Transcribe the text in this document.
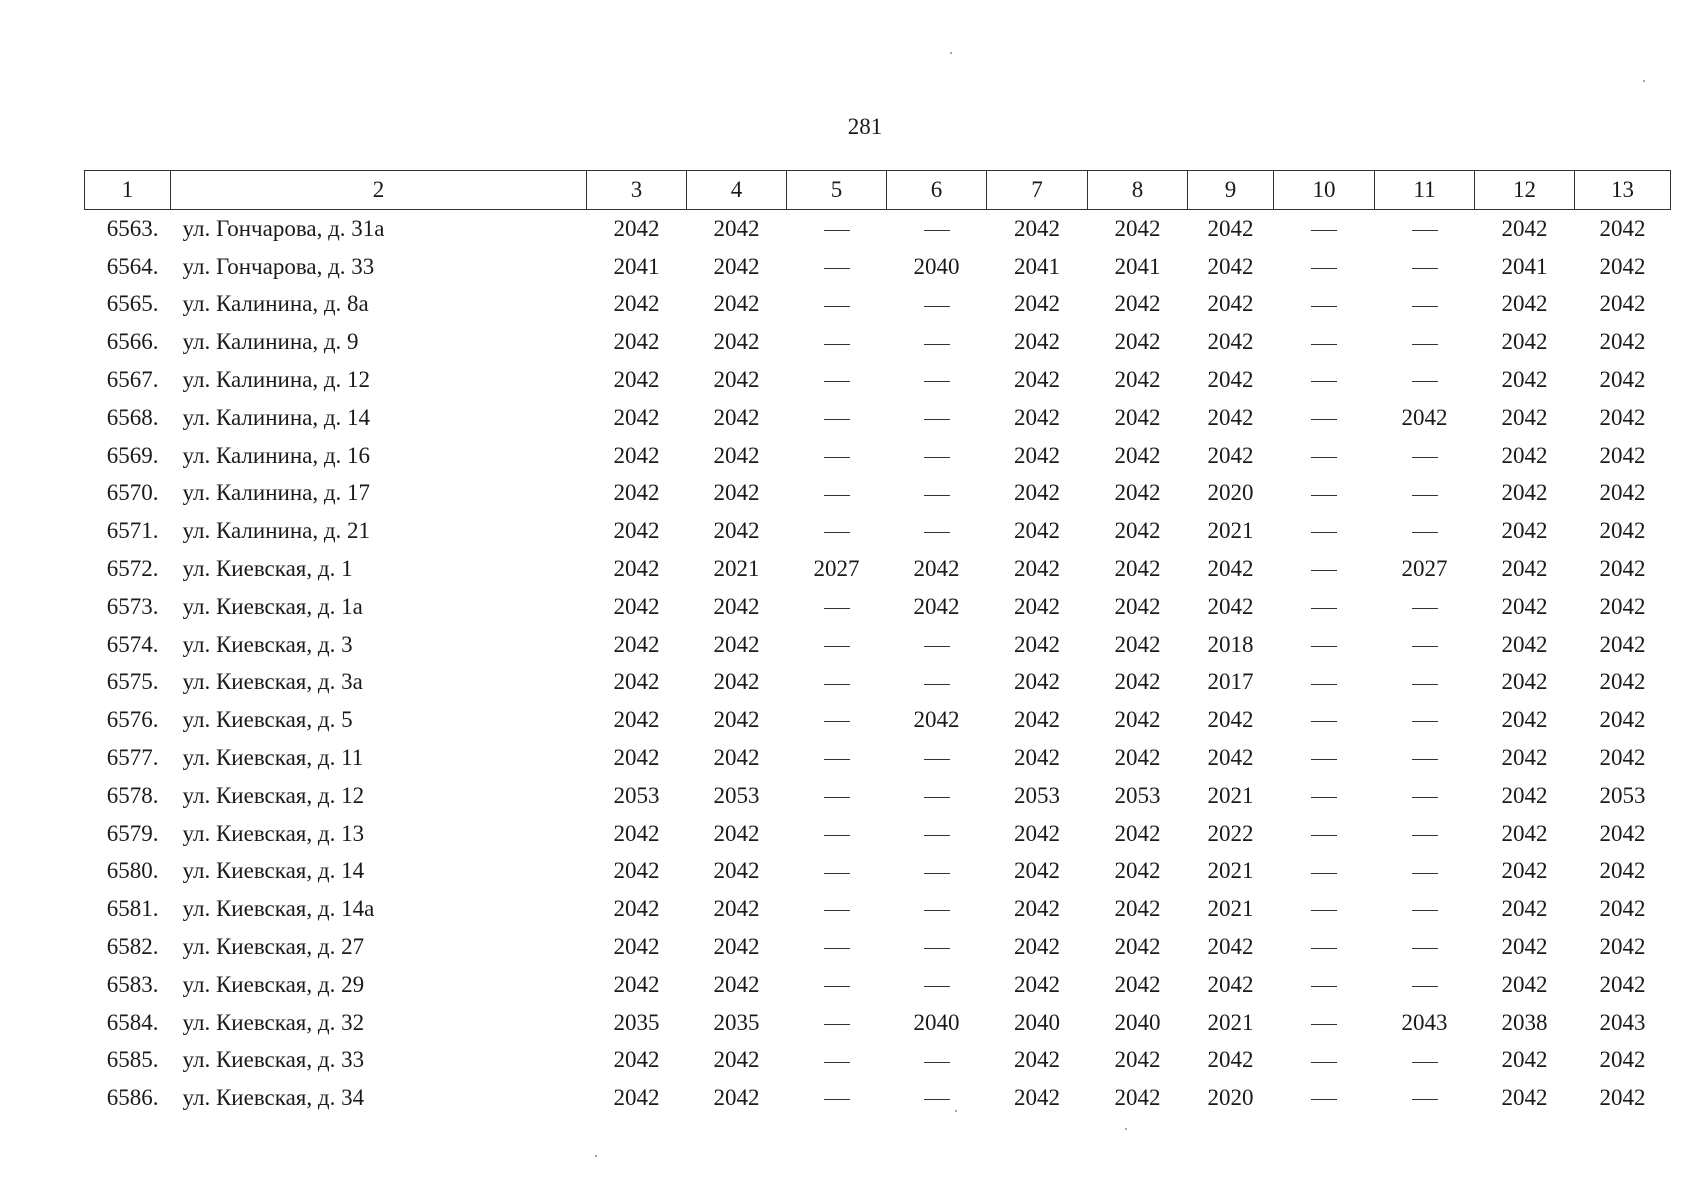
281
1	2	3	4	5	6	7	8	9	10	11	12	13
6563.	ул. Гончарова, д. 31а	2042	2042			2042	2042	2042			2042	2042
6564.	ул. Гончарова, д. 33	2041	2042		2040	2041	2041	2042			2041	2042
6565.	ул. Калинина, д. 8а	2042	2042			2042	2042	2042			2042	2042
6566.	ул. Калинина, д. 9	2042	2042			2042	2042	2042			2042	2042
6567.	ул. Калинина, д. 12	2042	2042			2042	2042	2042			2042	2042
6568.	ул. Калинина, д. 14	2042	2042			2042	2042	2042		2042	2042	2042
6569.	ул. Калинина, д. 16	2042	2042			2042	2042	2042			2042	2042
6570.	ул. Калинина, д. 17	2042	2042			2042	2042	2020			2042	2042
6571.	ул. Калинина, д. 21	2042	2042			2042	2042	2021			2042	2042
6572.	ул. Киевская, д. 1	2042	2021	2027	2042	2042	2042	2042		2027	2042	2042
6573.	ул. Киевская, д. 1а	2042	2042		2042	2042	2042	2042			2042	2042
6574.	ул. Киевская, д. 3	2042	2042			2042	2042	2018			2042	2042
6575.	ул. Киевская, д. 3а	2042	2042			2042	2042	2017			2042	2042
6576.	ул. Киевская, д. 5	2042	2042		2042	2042	2042	2042			2042	2042
6577.	ул. Киевская, д. 11	2042	2042			2042	2042	2042			2042	2042
6578.	ул. Киевская, д. 12	2053	2053			2053	2053	2021			2042	2053
6579.	ул. Киевская, д. 13	2042	2042			2042	2042	2022			2042	2042
6580.	ул. Киевская, д. 14	2042	2042			2042	2042	2021			2042	2042
6581.	ул. Киевская, д. 14а	2042	2042			2042	2042	2021			2042	2042
6582.	ул. Киевская, д. 27	2042	2042			2042	2042	2042			2042	2042
6583.	ул. Киевская, д. 29	2042	2042			2042	2042	2042			2042	2042
6584.	ул. Киевская, д. 32	2035	2035		2040	2040	2040	2021		2043	2038	2043
6585.	ул. Киевская, д. 33	2042	2042			2042	2042	2042			2042	2042
6586.	ул. Киевская, д. 34	2042	2042			2042	2042	2020			2042	2042
